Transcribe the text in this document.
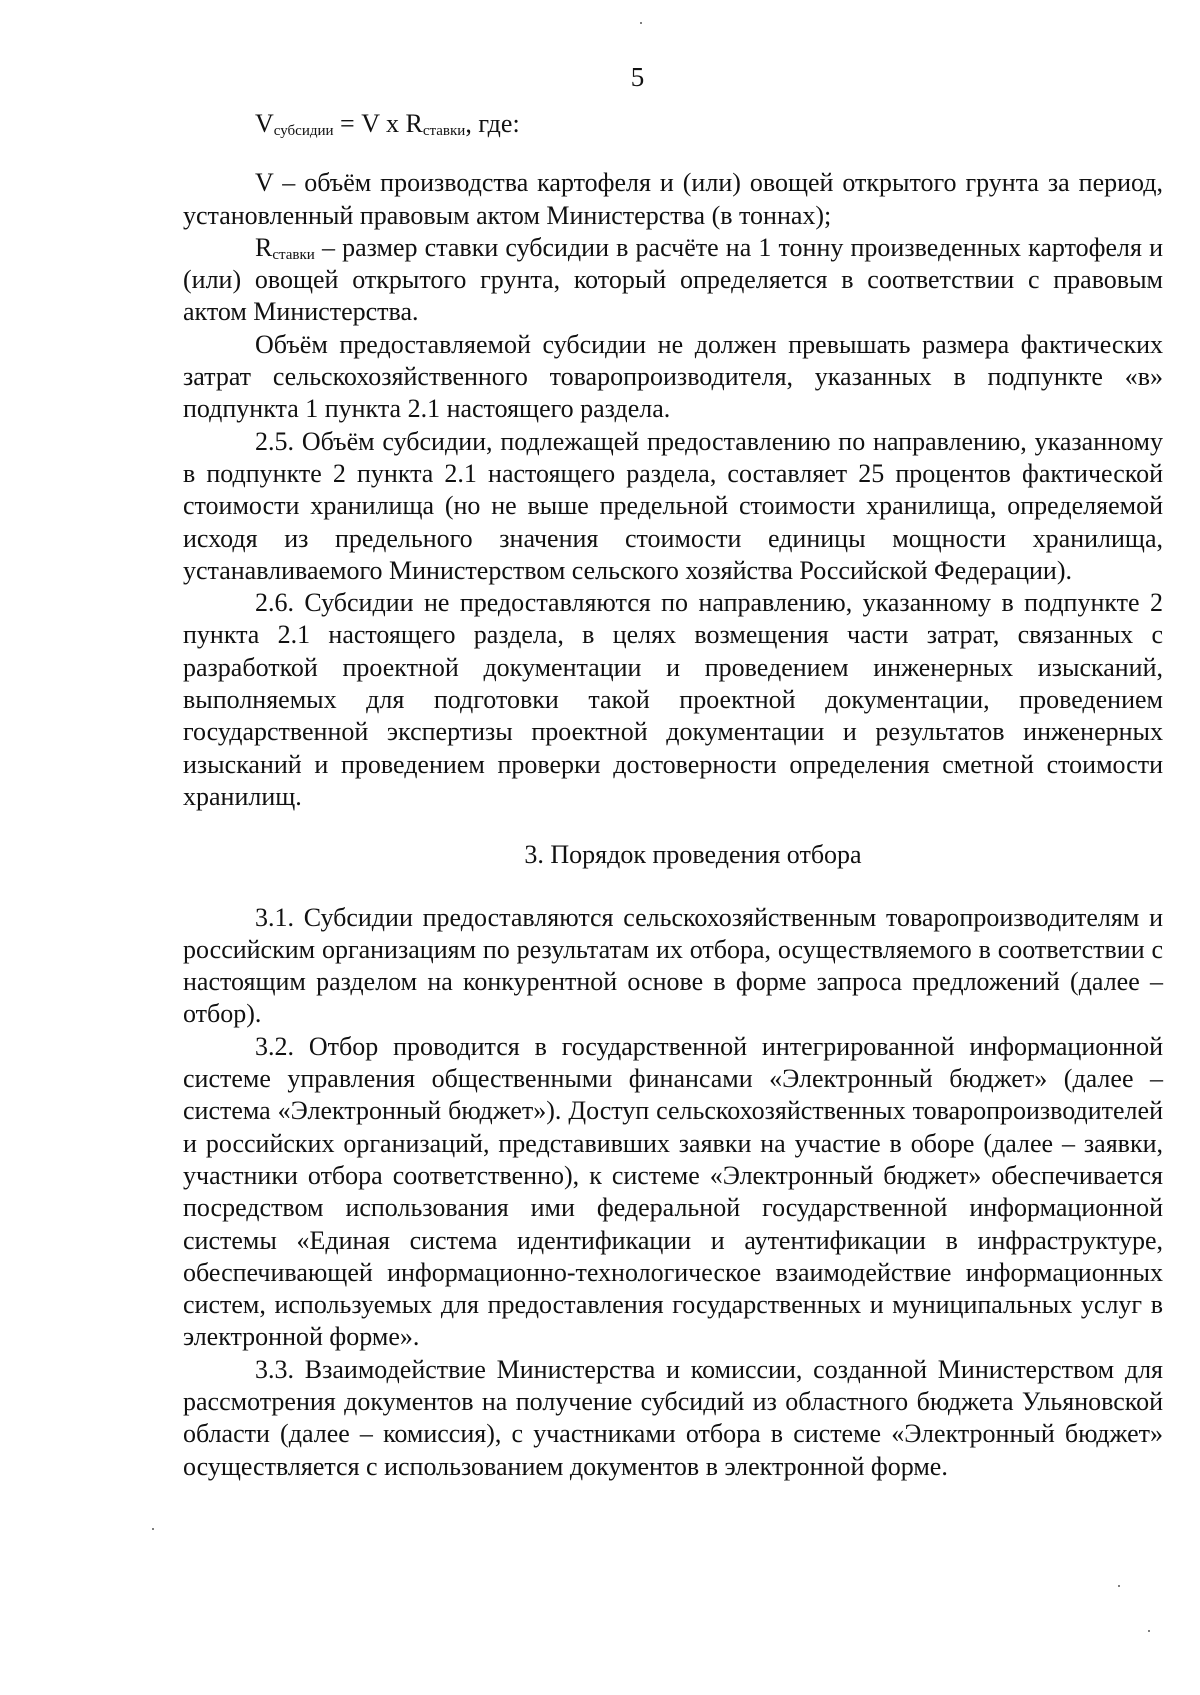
5
$V_{субсидии} = V$ x $R_{ставки}$, где:

V – объём производства картофеля и (или) овощей открытого грунта за период, установленный правовым актом Министерства (в тоннах);

$R_{ставки}$ – размер ставки субсидии в расчёте на 1 тонну произведенных картофеля и (или) овощей открытого грунта, который определяется в соответствии с правовым актом Министерства.

Объём предоставляемой субсидии не должен превышать размера фактических затрат сельскохозяйственного товаропроизводителя, указанных в подпункте «в» подпункта 1 пункта 2.1 настоящего раздела.

2.5. Объём субсидии, подлежащей предоставлению по направлению, указанному в подпункте 2 пункта 2.1 настоящего раздела, составляет 25 процентов фактической стоимости хранилища (но не выше предельной стоимости хранилища, определяемой исходя из предельного значения стоимости единицы мощности хранилища, устанавливаемого Министерством сельского хозяйства Российской Федерации).

2.6. Субсидии не предоставляются по направлению, указанному в подпункте 2 пункта 2.1 настоящего раздела, в целях возмещения части затрат, связанных с разработкой проектной документации и проведением инженерных изысканий, выполняемых для подготовки такой проектной документации, проведением государственной экспертизы проектной документации и результатов инженерных изысканий и проведением проверки достоверности определения сметной стоимости хранилищ.

3. Порядок проведения отбора

3.1. Субсидии предоставляются сельскохозяйственным товаропроизводителям и российским организациям по результатам их отбора, осуществляемого в соответствии с настоящим разделом на конкурентной основе в форме запроса предложений (далее – отбор).

3.2. Отбор проводится в государственной интегрированной информационной системе управления общественными финансами «Электронный бюджет» (далее – система «Электронный бюджет»). Доступ сельскохозяйственных товаропроизводителей и российских организаций, представивших заявки на участие в оборе (далее – заявки, участники отбора соответственно), к системе «Электронный бюджет» обеспечивается посредством использования ими федеральной государственной информационной системы «Единая система идентификации и аутентификации в инфраструктуре, обеспечивающей информационно-технологическое взаимодействие информационных систем, используемых для предоставления государственных и муниципальных услуг в электронной форме».

3.3. Взаимодействие Министерства и комиссии, созданной Министерством для рассмотрения документов на получение субсидий из областного бюджета Ульяновской области (далее – комиссия), с участниками отбора в системе «Электронный бюджет» осуществляется с использованием документов в электронной форме.
